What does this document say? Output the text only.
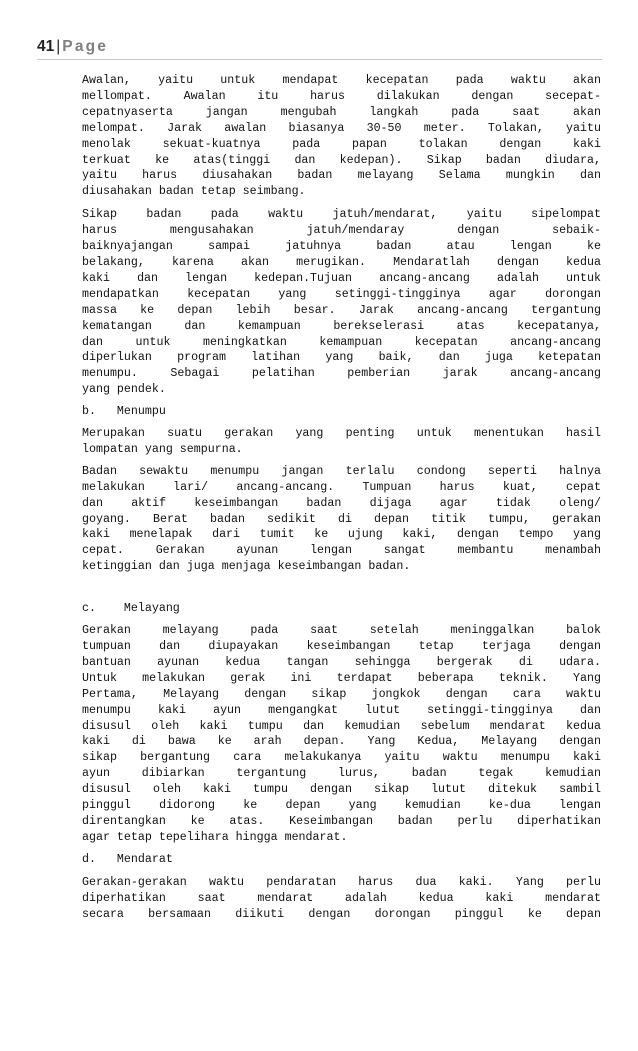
41 | Page
Awalan, yaitu untuk mendapat kecepatan pada waktu akan
mellompat. Awalan itu harus dilakukan dengan secepat-
cepatnyaserta jangan mengubah langkah pada saat akan
melompat. Jarak awalan biasanya 30-50 meter. Tolakan, yaitu
menolak sekuat-kuatnya pada papan tolakan dengan kaki
terkuat ke atas(tinggi dan kedepan). Sikap badan diudara,
yaitu harus diusahakan badan melayang Selama mungkin dan
diusahakan badan tetap seimbang.
Sikap badan pada waktu jatuh/mendarat, yaitu sipelompat
harus mengusahakan jatuh/mendaray dengan sebaik-
baiknyajangan sampai jatuhnya badan atau lengan ke
belakang, karena akan merugikan. Mendaratlah dengan kedua
kaki dan lengan kedepan.Tujuan ancang-ancang adalah untuk
mendapatkan kecepatan yang setinggi-tingginya agar dorongan
massa ke depan lebih besar. Jarak ancang-ancang tergantung
kematangan dan kemampuan berekselerasi atas kecepatanya,
dan untuk meningkatkan kemampuan kecepatan ancang-ancang
diperlukan program latihan yang baik, dan juga ketepatan
menumpu. Sebagai pelatihan pemberian jarak ancang-ancang
yang pendek.

b.   Menumpu

Merupakan suatu gerakan yang penting untuk menentukan hasil
lompatan yang sempurna.
Badan sewaktu menumpu jangan terlalu condong seperti halnya
melakukan lari/ ancang-ancang. Tumpuan harus kuat, cepat
dan aktif keseimbangan badan dijaga agar tidak oleng/
goyang. Berat badan sedikit di depan titik tumpu, gerakan
kaki menelapak dari tumit ke ujung kaki, dengan tempo yang
cepat. Gerakan ayunan lengan sangat membantu menambah
ketinggian dan juga menjaga keseimbangan badan.

c.    Melayang

Gerakan melayang pada saat setelah meninggalkan balok
tumpuan dan diupayakan keseimbangan tetap terjaga dengan
bantuan ayunan kedua tangan sehingga bergerak di udara.
Untuk melakukan gerak ini terdapat beberapa teknik. Yang
Pertama, Melayang dengan sikap jongkok dengan cara waktu
menumpu kaki ayun mengangkat lutut setinggi-tingginya dan
disusul oleh kaki tumpu dan kemudian sebelum mendarat kedua
kaki di bawa ke arah depan. Yang Kedua, Melayang dengan
sikap bergantung cara melakukanya yaitu waktu menumpu kaki
ayun dibiarkan tergantung lurus, badan tegak kemudian
disusul oleh kaki tumpu dengan sikap lutut ditekuk sambil
pinggul didorong ke depan yang kemudian ke-dua lengan
direntangkan ke atas. Keseimbangan badan perlu diperhatikan
agar tetap tepelihara hingga mendarat.

d.   Mendarat

Gerakan-gerakan waktu pendaratan harus dua kaki. Yang perlu
diperhatikan saat mendarat adalah kedua kaki mendarat
secara bersamaan diikuti dengan dorongan pinggul ke depan
